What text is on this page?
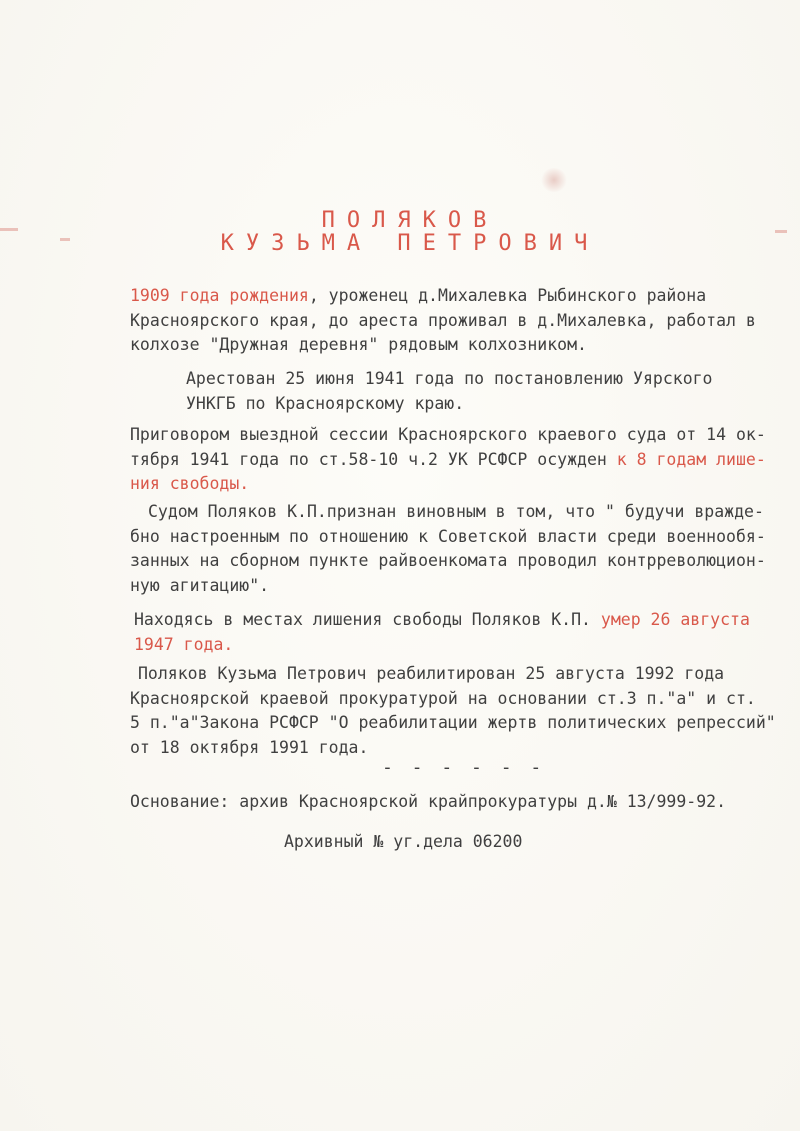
ПОЛЯКОВ
КУЗЬМА ПЕТРОВИЧ
1909 года рождения, уроженец д.Михалевка Рыбинского района
Красноярского края, до ареста проживал в д.Михалевка, работал в
колхозе "Дружная деревня" рядовым колхозником.
Арестован 25 июня 1941 года по постановлению Уярского
УНКГБ по Красноярскому краю.
Приговором выездной сессии Красноярского краевого суда от 14 ок-
тября 1941 года по ст.58-10 ч.2 УК РСФСР осужден к 8 годам лише-
ния свободы.
Судом Поляков К.П.признан виновным в том, что " будучи вражде-
бно настроенным по отношению к Советской власти среди военнообя-
занных на сборном пункте райвоенкомата проводил контрреволюцион-
ную агитацию".
Находясь в местах лишения свободы Поляков К.П. умер 26 августа
1947 года.
Поляков Кузьма Петрович реабилитирован 25 августа 1992 года
Красноярской краевой прокуратурой на основании ст.3 п."а" и ст.
5 п."а"Закона РСФСР "О реабилитации жертв политических репрессий"
от 18 октября 1991 года.
- - - - - -
Основание: архив Красноярской крайпрокуратуры д.№ 13/999-92.
Архивный № уг.дела 06200
